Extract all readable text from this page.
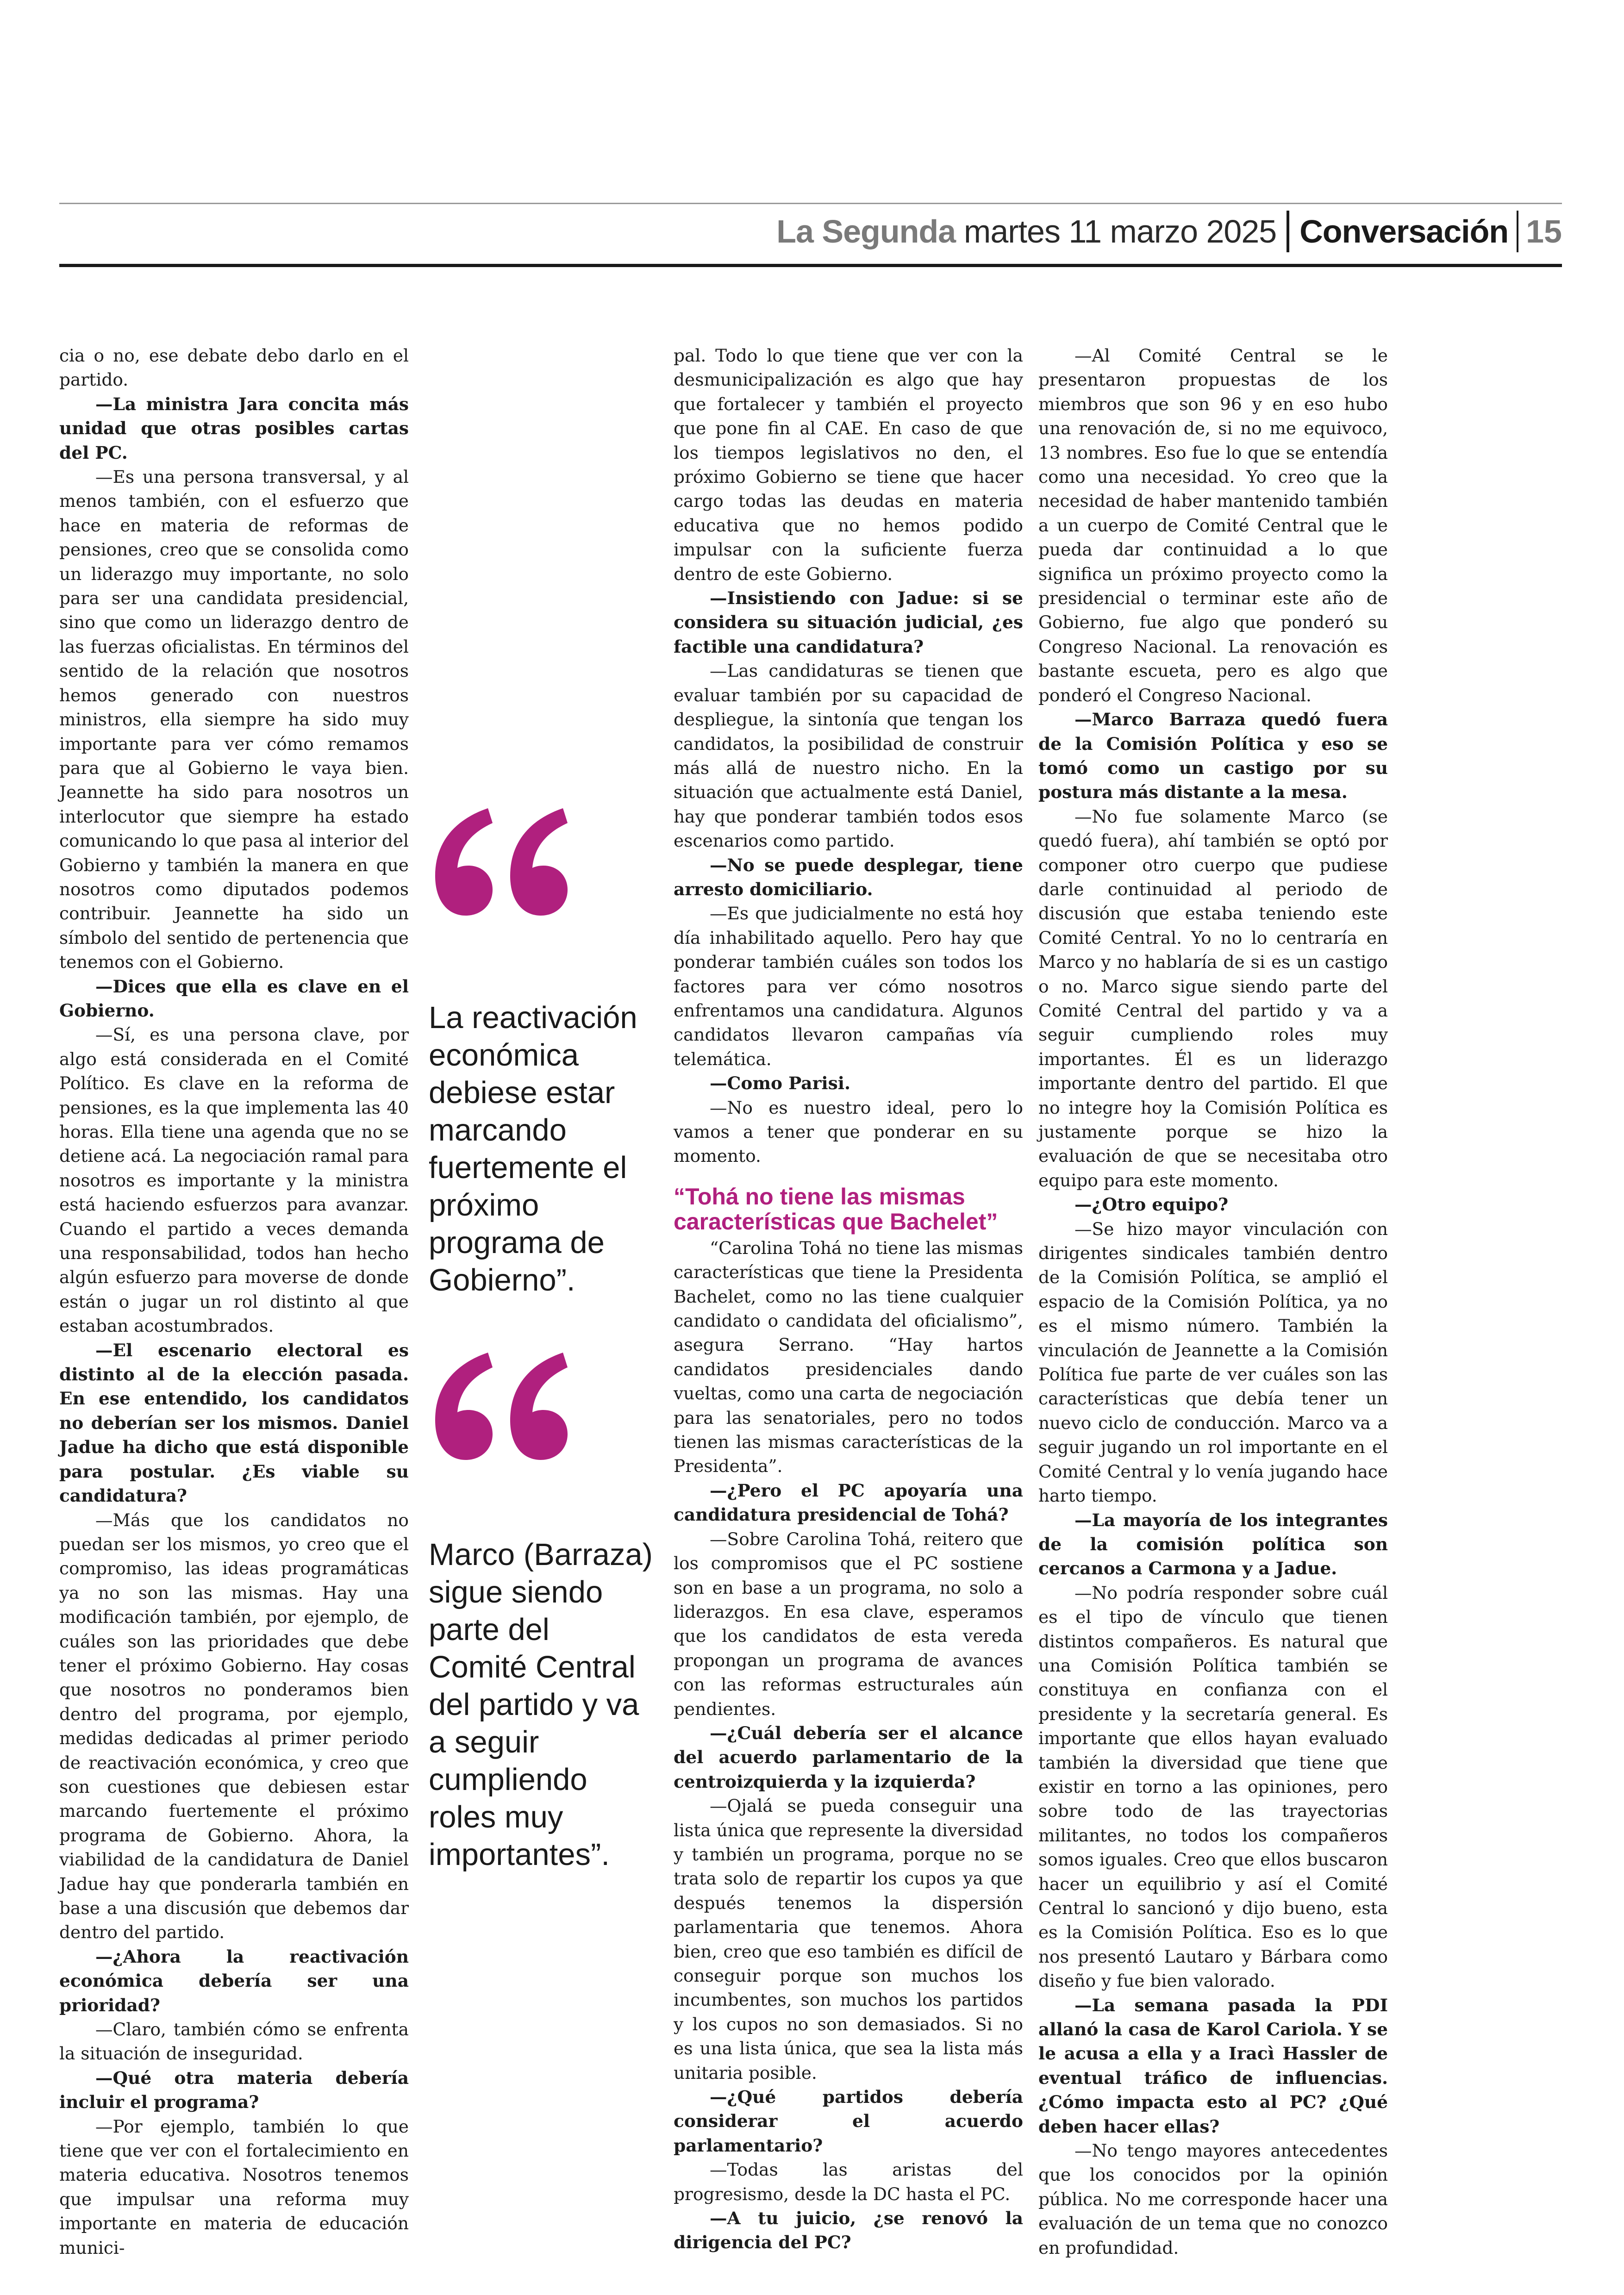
La Segunda martes 11 marzo 2025 Conversación 15

cia o no, ese debate debo darlo en el partido.

—La ministra Jara concita más unidad que otras posibles cartas del PC.

—Es una persona transversal, y al menos también, con el esfuerzo que hace en materia de reformas de pensiones, creo que se consolida como un liderazgo muy importante, no solo para ser una candidata presidencial, sino que como un liderazgo dentro de las fuerzas oficialistas. En términos del sentido de la relación que nosotros hemos generado con nuestros ministros, ella siempre ha sido muy importante para ver cómo remamos para que al Gobierno le vaya bien. Jeannette ha sido para nosotros un interlocutor que siempre ha estado comunicando lo que pasa al interior del Gobierno y también la manera en que nosotros como diputados podemos contribuir. Jeannette ha sido un símbolo del sentido de pertenencia que tenemos con el Gobierno.

—Dices que ella es clave en el Gobierno.

—Sí, es una persona clave, por algo está considerada en el Comité Político. Es clave en la reforma de pensiones, es la que implementa las 40 horas. Ella tiene una agenda que no se detiene acá. La negociación ramal para nosotros es importante y la ministra está haciendo esfuerzos para avanzar. Cuando el partido a veces demanda una responsabilidad, todos han hecho algún esfuerzo para moverse de donde están o jugar un rol distinto al que estaban acostumbrados.

—El escenario electoral es distinto al de la elección pasada. En ese entendido, los candidatos no deberían ser los mismos. Daniel Jadue ha dicho que está disponible para postular. ¿Es viable su candidatura?

—Más que los candidatos no puedan ser los mismos, yo creo que el compromiso, las ideas programáticas ya no son las mismas. Hay una modificación también, por ejemplo, de cuáles son las prioridades que debe tener el próximo Gobierno. Hay cosas que nosotros no ponderamos bien dentro del programa, por ejemplo, medidas dedicadas al primer periodo de reactivación económica, y creo que son cuestiones que debiesen estar marcando fuertemente el próximo programa de Gobierno. Ahora, la viabilidad de la candidatura de Daniel Jadue hay que ponderarla también en base a una discusión que debemos dar dentro del partido.

—¿Ahora la reactivación económica debería ser una prioridad?

—Claro, también cómo se enfrenta la situación de inseguridad.

—Qué otra materia debería incluir el programa?

—Por ejemplo, también lo que tiene que ver con el fortalecimiento en materia educativa. Nosotros tenemos que impulsar una reforma muy importante en materia de educación munici-

La reactivación económica debiese estar marcando fuertemente el próximo programa de Gobierno”.
Marco (Barraza) sigue siendo parte del Comité Central del partido y va a seguir cumpliendo roles muy importantes”.

pal. Todo lo que tiene que ver con la desmunicipalización es algo que hay que fortalecer y también el proyecto que pone fin al CAE. En caso de que los tiempos legislativos no den, el próximo Gobierno se tiene que hacer cargo todas las deudas en materia educativa que no hemos podido impulsar con la suficiente fuerza dentro de este Gobierno.

—Insistiendo con Jadue: si se considera su situación judicial, ¿es factible una candidatura?

—Las candidaturas se tienen que evaluar también por su capacidad de despliegue, la sintonía que tengan los candidatos, la posibilidad de construir más allá de nuestro nicho. En la situación que actualmente está Daniel, hay que ponderar también todos esos escenarios como partido.

—No se puede desplegar, tiene arresto domiciliario.

—Es que judicialmente no está hoy día inhabilitado aquello. Pero hay que ponderar también cuáles son todos los factores para ver cómo nosotros enfrentamos una candidatura. Algunos candidatos llevaron campañas vía telemática.

—Como Parisi.

—No es nuestro ideal, pero lo vamos a tener que ponderar en su momento.

“Tohá no tiene las mismas características que Bachelet”

“Carolina Tohá no tiene las mismas características que tiene la Presidenta Bachelet, como no las tiene cualquier candidato o candidata del oficialismo”, asegura Serrano. “Hay hartos candidatos presidenciales dando vueltas, como una carta de negociación para las senatoriales, pero no todos tienen las mismas características de la Presidenta”.

—¿Pero el PC apoyaría una candidatura presidencial de Tohá?

—Sobre Carolina Tohá, reitero que los compromisos que el PC sostiene son en base a un programa, no solo a liderazgos. En esa clave, esperamos que los candidatos de esta vereda propongan un programa de avances con las reformas estructurales aún pendientes.

—¿Cuál debería ser el alcance del acuerdo parlamentario de la centroizquierda y la izquierda?

—Ojalá se pueda conseguir una lista única que represente la diversidad y también un programa, porque no se trata solo de repartir los cupos ya que después tenemos la dispersión parlamentaria que tenemos. Ahora bien, creo que eso también es difícil de conseguir porque son muchos los incumbentes, son muchos los partidos y los cupos no son demasiados. Si no es una lista única, que sea la lista más unitaria posible.

—¿Qué partidos debería considerar el acuerdo parlamentario?

—Todas las aristas del progresismo, desde la DC hasta el PC.

—A tu juicio, ¿se renovó la dirigencia del PC?

—Al Comité Central se le presentaron propuestas de los miembros que son 96 y en eso hubo una renovación de, si no me equivoco, 13 nombres. Eso fue lo que se entendía como una necesidad. Yo creo que la necesidad de haber mantenido también a un cuerpo de Comité Central que le pueda dar continuidad a lo que significa un próximo proyecto como la presidencial o terminar este año de Gobierno, fue algo que ponderó su Congreso Nacional. La renovación es bastante escueta, pero es algo que ponderó el Congreso Nacional.

—Marco Barraza quedó fuera de la Comisión Política y eso se tomó como un castigo por su postura más distante a la mesa.

—No fue solamente Marco (se quedó fuera), ahí también se optó por componer otro cuerpo que pudiese darle continuidad al periodo de discusión que estaba teniendo este Comité Central. Yo no lo centraría en Marco y no hablaría de si es un castigo o no. Marco sigue siendo parte del Comité Central del partido y va a seguir cumpliendo roles muy importantes. Él es un liderazgo importante dentro del partido. El que no integre hoy la Comisión Política es justamente porque se hizo la evaluación de que se necesitaba otro equipo para este momento.

—¿Otro equipo?

—Se hizo mayor vinculación con dirigentes sindicales también dentro de la Comisión Política, se amplió el espacio de la Comisión Política, ya no es el mismo número. También la vinculación de Jeannette a la Comisión Política fue parte de ver cuáles son las características que debía tener un nuevo ciclo de conducción. Marco va a seguir jugando un rol importante en el Comité Central y lo venía jugando hace harto tiempo.

—La mayoría de los integrantes de la comisión política son cercanos a Carmona y a Jadue.

—No podría responder sobre cuál es el tipo de vínculo que tienen distintos compañeros. Es natural que una Comisión Política también se constituya en confianza con el presidente y la secretaría general. Es importante que ellos hayan evaluado también la diversidad que tiene que existir en torno a las opiniones, pero sobre todo de las trayectorias militantes, no todos los compañeros somos iguales. Creo que ellos buscaron hacer un equilibrio y así el Comité Central lo sancionó y dijo bueno, esta es la Comisión Política. Eso es lo que nos presentó Lautaro y Bárbara como diseño y fue bien valorado.

—La semana pasada la PDI allanó la casa de Karol Cariola. Y se le acusa a ella y a Iracì Hassler de eventual tráfico de influencias. ¿Cómo impacta esto al PC? ¿Qué deben hacer ellas?

—No tengo mayores antecedentes que los conocidos por la opinión pública. No me corresponde hacer una evaluación de un tema que no conozco en profundidad.
